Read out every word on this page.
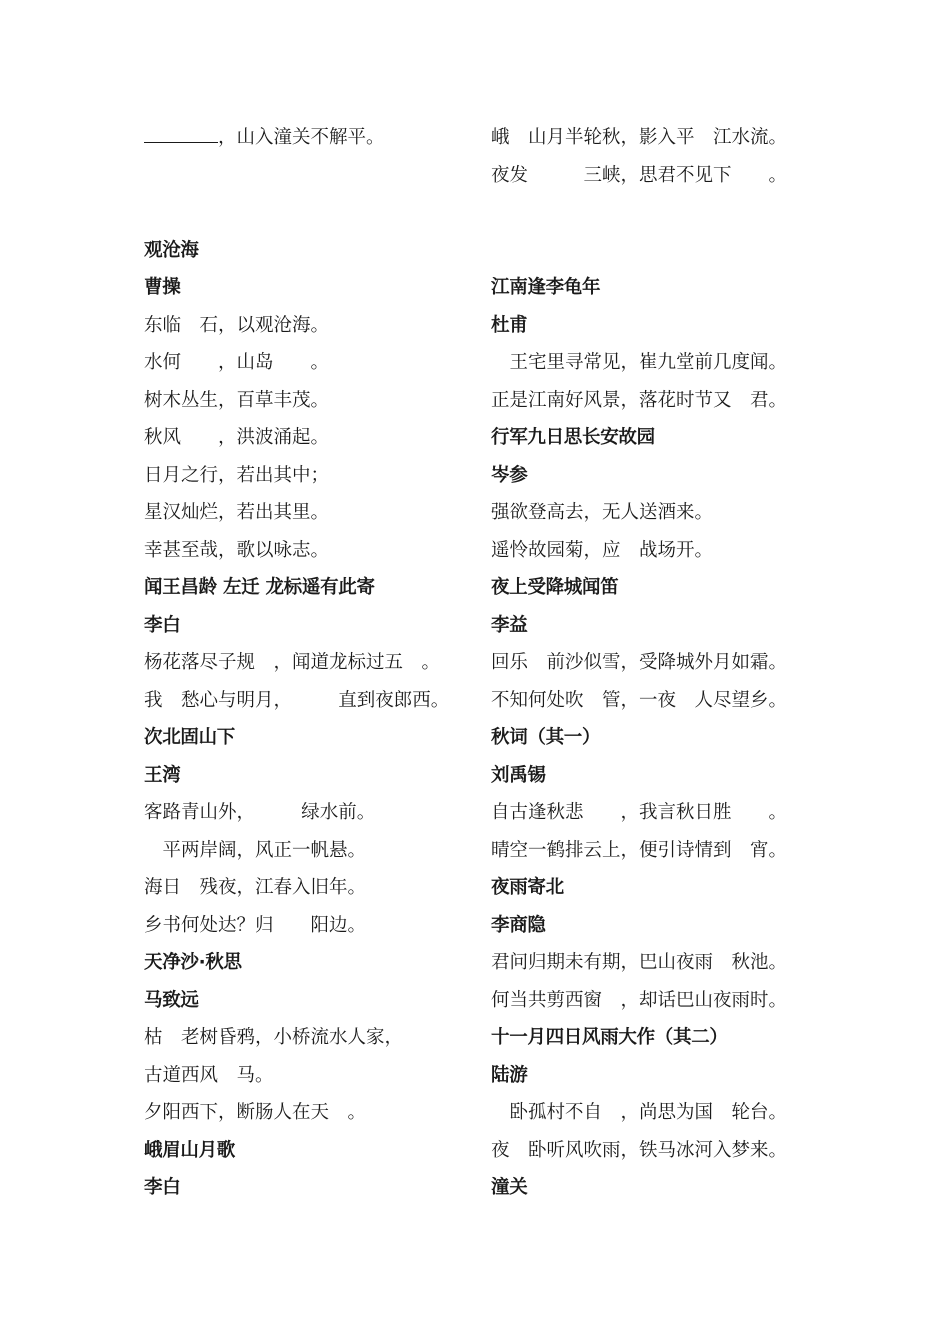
，山入潼关不解平。
观沧海
曹操
东临　石，以观沧海。
水何　　，山岛　　。
树木丛生，百草丰茂。
秋风　　，洪波涌起。
日月之行，若出其中；
星汉灿烂，若出其里。
幸甚至哉，歌以咏志。
闻王昌龄 左迁 龙标遥有此寄
李白
杨花落尽子规　，闻道龙标过五　。
我　愁心与明月，　　　直到夜郎西。
次北固山下
王湾
客路青山外，　　　绿水前。
　平两岸阔，风正一帆悬。
海日　残夜，江春入旧年。
乡书何处达？归　　阳边。
天净沙·秋思
马致远
枯　老树昏鸦，小桥流水人家，
古道西风　马。
夕阳西下，断肠人在天　。
峨眉山月歌
李白
峨　山月半轮秋，影入平　江水流。
夜发　　　三峡，思君不见下　　。
江南逢李龟年
杜甫
　王宅里寻常见，崔九堂前几度闻。
正是江南好风景，落花时节又　君。
行军九日思长安故园
岑参
强欲登高去，无人送酒来。
遥怜故园菊，应　战场开。
夜上受降城闻笛
李益
回乐　前沙似雪，受降城外月如霜。
不知何处吹　管，一夜　人尽望乡。
秋词（其一）
刘禹锡
自古逢秋悲　　，我言秋日胜　　。
晴空一鹤排云上，便引诗情到　宵。
夜雨寄北
李商隐
君问归期未有期，巴山夜雨　秋池。
何当共剪西窗　，却话巴山夜雨时。
十一月四日风雨大作（其二）
陆游
　卧孤村不自　，尚思为国　轮台。
夜　卧听风吹雨，铁马冰河入梦来。
潼关
